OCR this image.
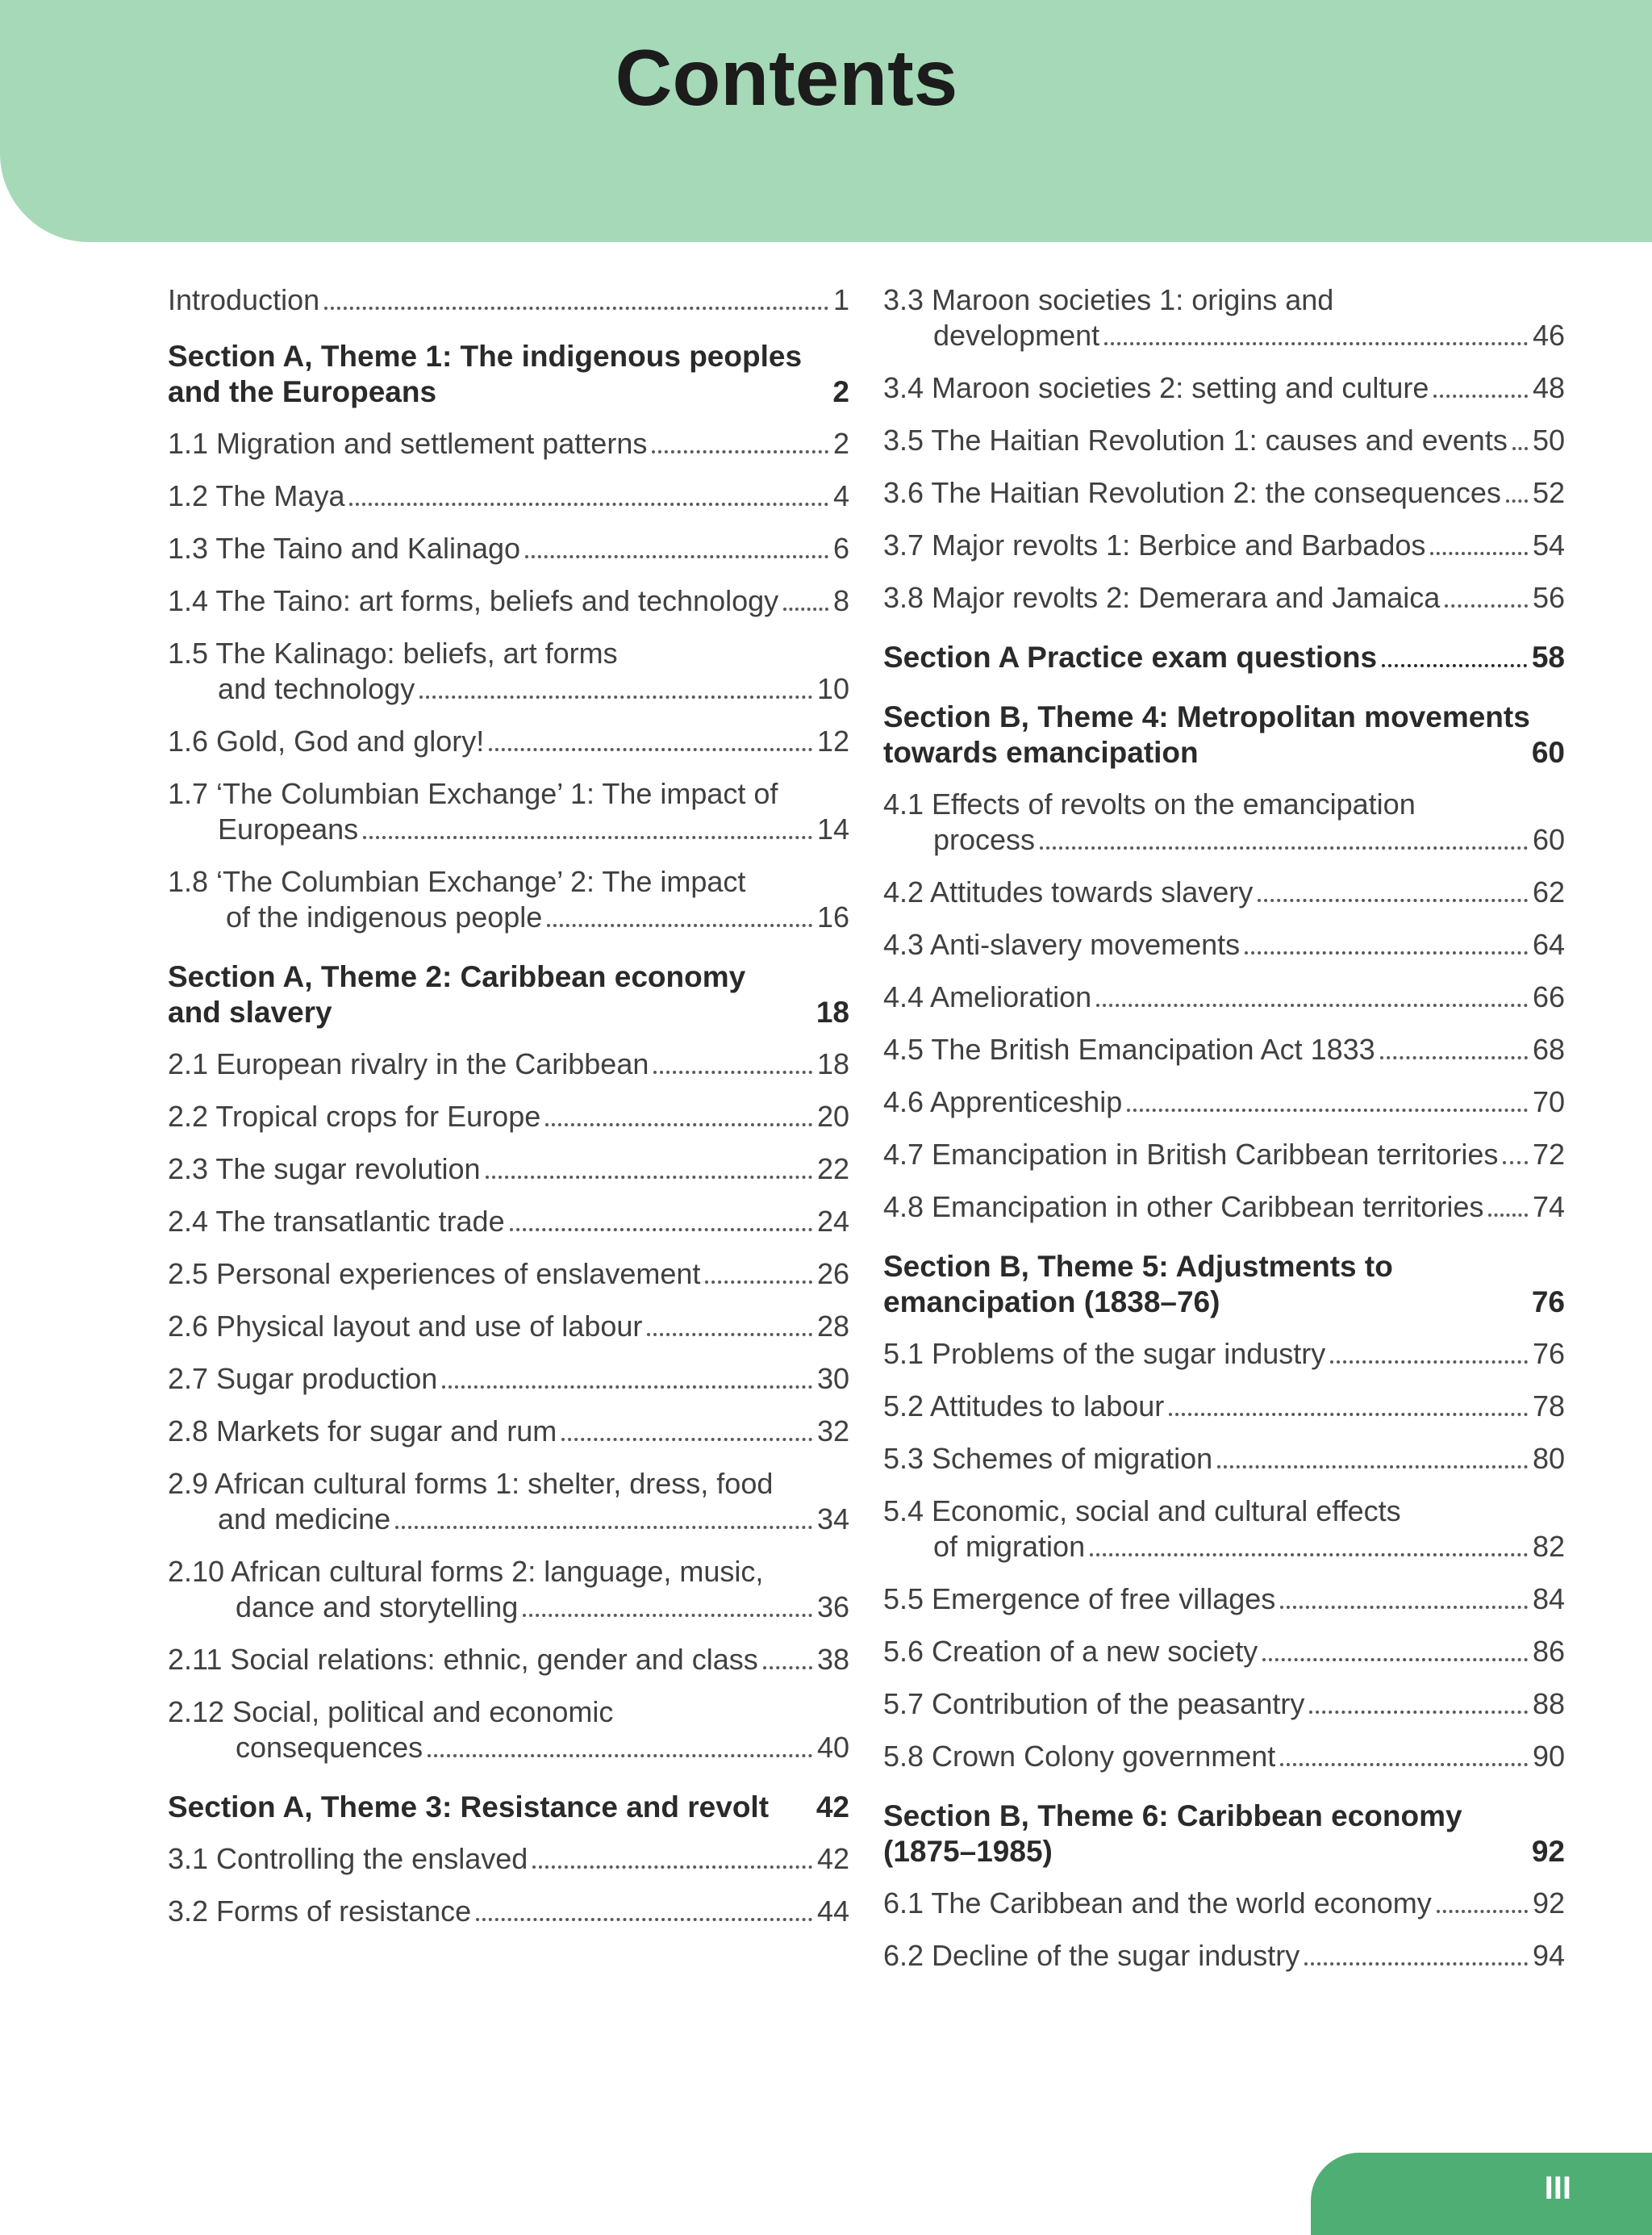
Contents
Introduction	1
Section A, Theme 1: The indigenous peoples
and the Europeans	2
1.1 Migration and settlement patterns	2
1.2 The Maya	4
1.3 The Taino and Kalinago	6
1.4 The Taino: art forms, beliefs and technology 8
1.5 The Kalinago: beliefs, art forms
and technology	10
1.6 Gold, God and glory!	12
1.7 ‘The Columbian Exchange’ 1: The impact of
Europeans	14
1.8 ‘The Columbian Exchange’ 2: The impact
of the indigenous people	16
Section A, Theme 2: Caribbean economy
and slavery	18
2.1 European rivalry in the Caribbean	18
2.2 Tropical crops for Europe	20
2.3 The sugar revolution	22
2.4 The transatlantic trade	24
2.5 Personal experiences of enslavement	26
2.6 Physical layout and use of labour	28
2.7 Sugar production	30
2.8 Markets for sugar and rum	32
2.9 African cultural forms 1: shelter, dress, food
and medicine	34
2.10 African cultural forms 2: language, music,
dance and storytelling	36
2.11 Social relations: ethnic, gender and class 38
2.12 Social, political and economic
consequences	40
Section A, Theme 3: Resistance and revolt 42
3.1 Controlling the enslaved	42
3.2 Forms of resistance	44
3.3 Maroon societies 1: origins and
development	46
3.4 Maroon societies 2: setting and culture	48
3.5 The Haitian Revolution 1: causes and events 50
3.6 The Haitian Revolution 2: the consequences 52
3.7 Major revolts 1: Berbice and Barbados	54
3.8 Major revolts 2: Demerara and Jamaica	56
Section A Practice exam questions	58
Section B, Theme 4: Metropolitan movements
towards emancipation	60
4.1 Effects of revolts on the emancipation
process	60
4.2 Attitudes towards slavery	62
4.3 Anti-slavery movements	64
4.4 Amelioration	66
4.5 The British Emancipation Act 1833	68
4.6 Apprenticeship	70
4.7 Emancipation in British Caribbean territories 72
4.8 Emancipation in other Caribbean territories 74
Section B, Theme 5: Adjustments to
emancipation (1838–76)	76
5.1 Problems of the sugar industry	76
5.2 Attitudes to labour	78
5.3 Schemes of migration	80
5.4 Economic, social and cultural effects
of migration	82
5.5 Emergence of free villages	84
5.6 Creation of a new society	86
5.7 Contribution of the peasantry	88
5.8 Crown Colony government	90
Section B, Theme 6: Caribbean economy
(1875–1985)	92
6.1 The Caribbean and the world economy	92
6.2 Decline of the sugar industry	94
III
